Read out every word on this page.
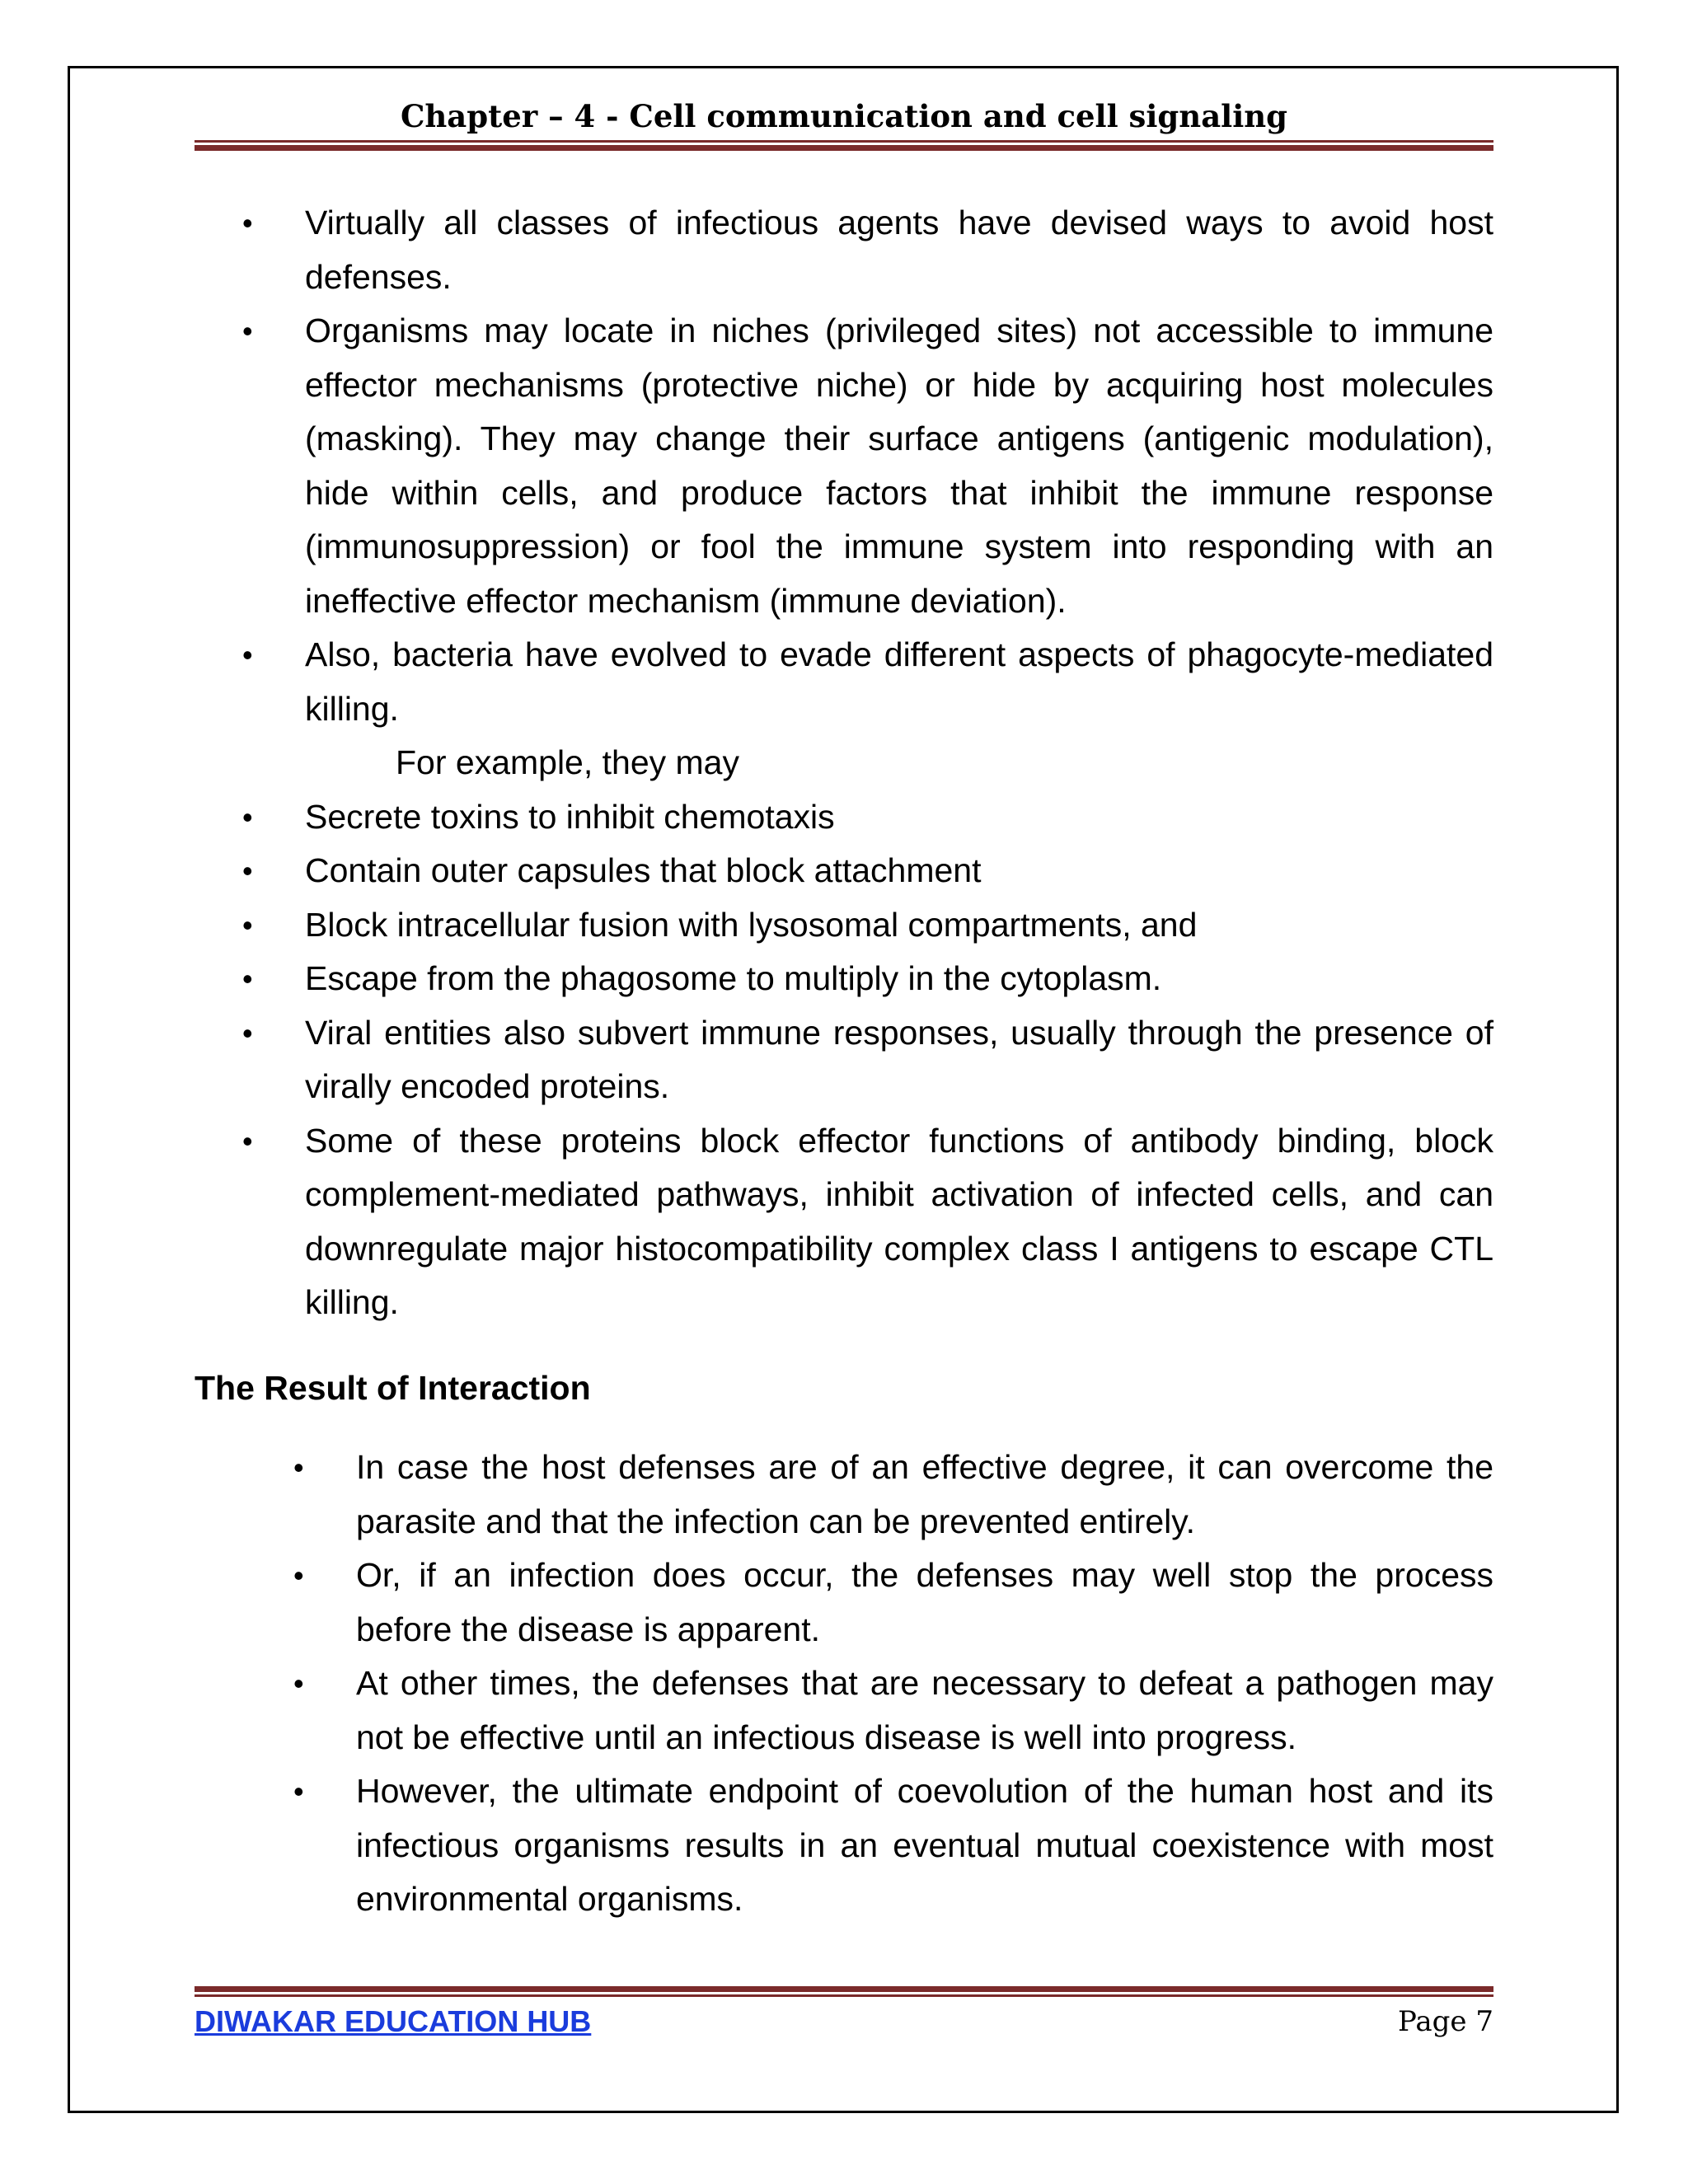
Chapter – 4 - Cell communication and cell signaling
• Virtually all classes of infectious agents have devised ways to avoid host defenses.
• Organisms may locate in niches (privileged sites) not accessible to immune effector mechanisms (protective niche) or hide by acquiring host molecules (masking). They may change their surface antigens (antigenic modulation), hide within cells, and produce factors that inhibit the immune response (immunosuppression) or fool the immune system into responding with an ineffective effector mechanism (immune deviation).
• Also, bacteria have evolved to evade different aspects of phagocyte-mediated killing.
For example, they may
• Secrete toxins to inhibit chemotaxis
• Contain outer capsules that block attachment
• Block intracellular fusion with lysosomal compartments, and
• Escape from the phagosome to multiply in the cytoplasm.
• Viral entities also subvert immune responses, usually through the presence of virally encoded proteins.
• Some of these proteins block effector functions of antibody binding, block complement-mediated pathways, inhibit activation of infected cells, and can downregulate major histocompatibility complex class I antigens to escape CTL killing.
The Result of Interaction
• In case the host defenses are of an effective degree, it can overcome the parasite and that the infection can be prevented entirely.
• Or, if an infection does occur, the defenses may well stop the process before the disease is apparent.
• At other times, the defenses that are necessary to defeat a pathogen may not be effective until an infectious disease is well into progress.
• However, the ultimate endpoint of coevolution of the human host and its infectious organisms results in an eventual mutual coexistence with most environmental organisms.
DIWAKAR EDUCATION HUB	Page 7
